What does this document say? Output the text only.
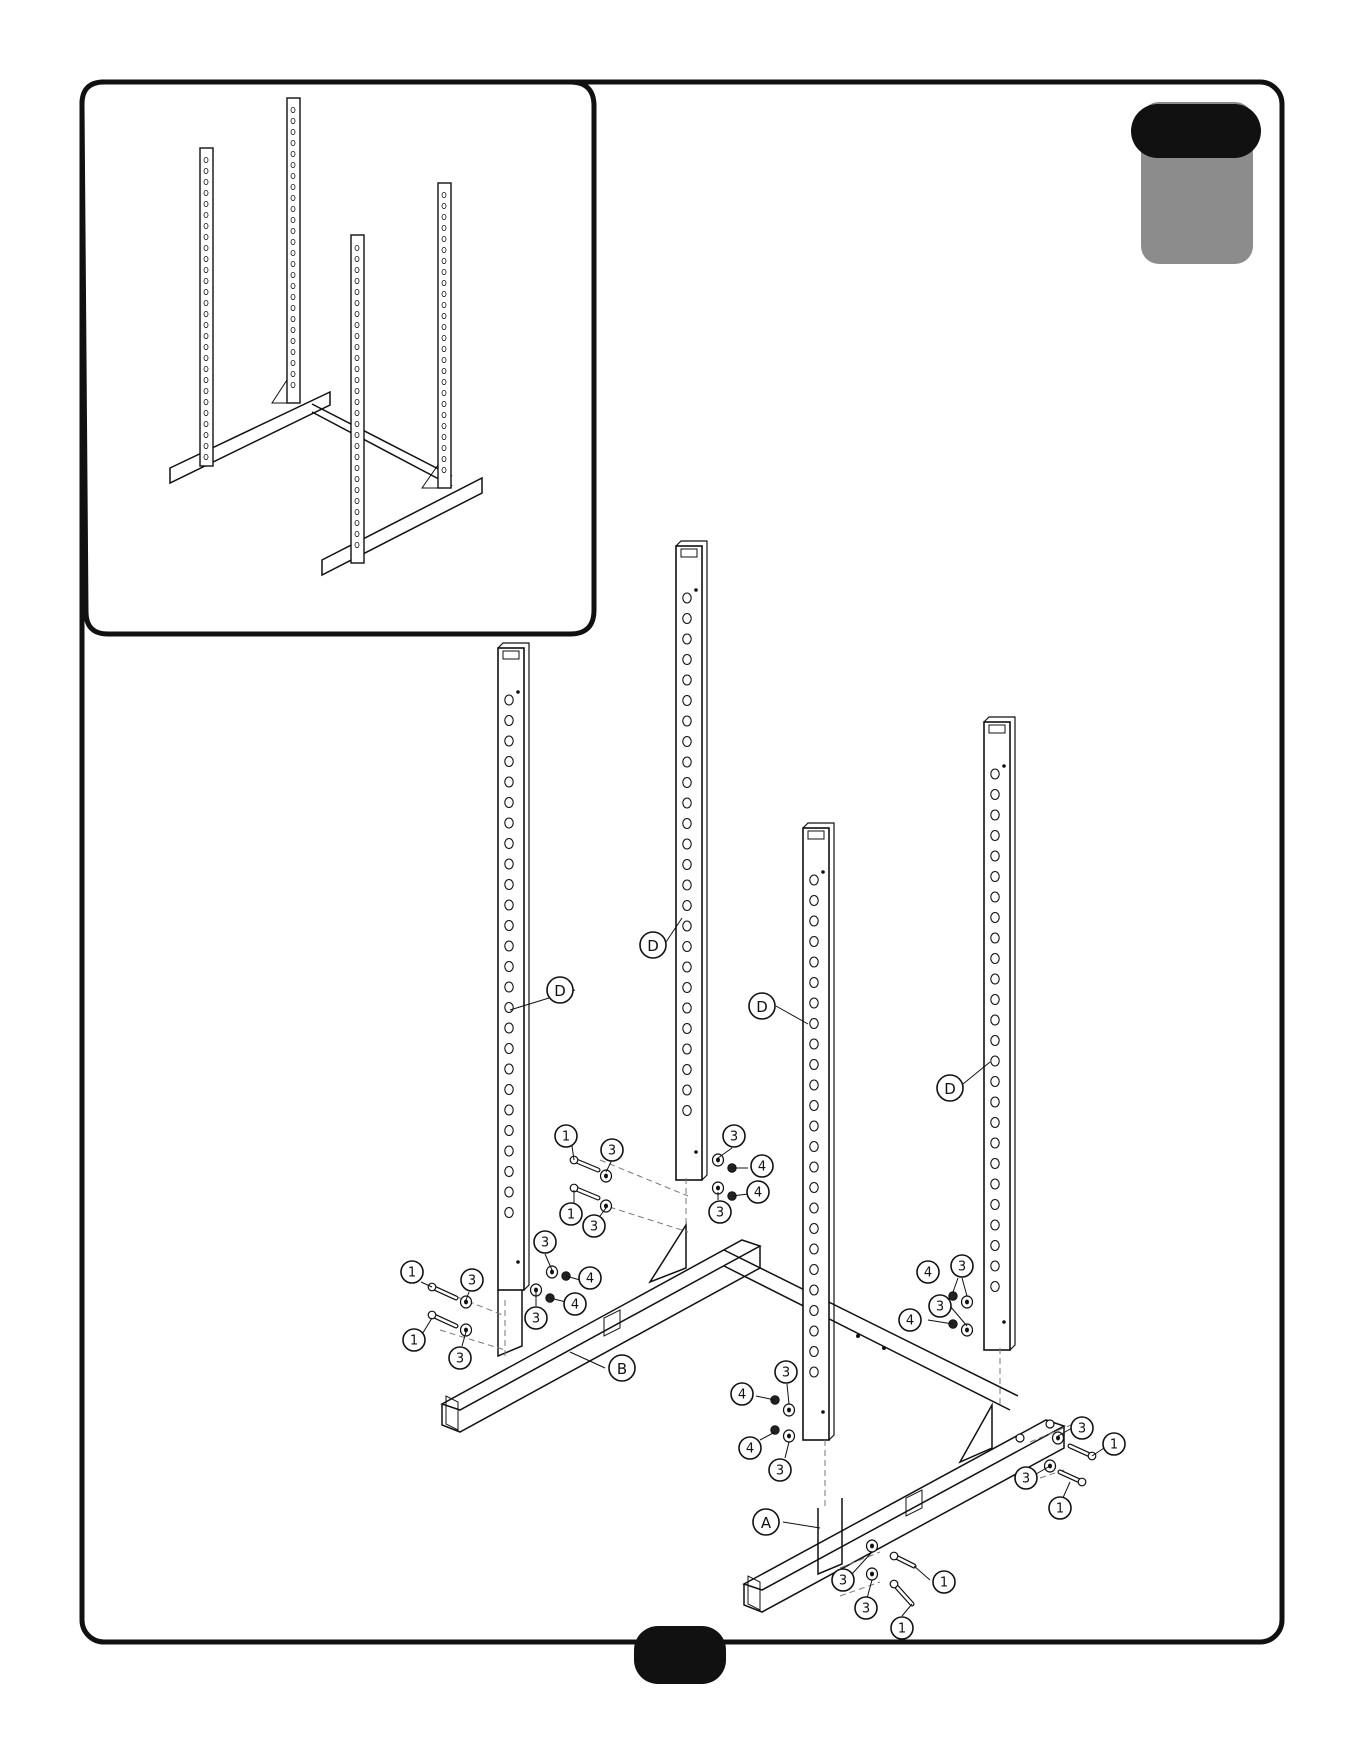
D
D
D
D
B
A
1
1
3
3
3
3
4
4
1
1
3
3
3
3
4
4
3
3
4
4
4
4
3
3
3
3
1
1
3
3
1
1
